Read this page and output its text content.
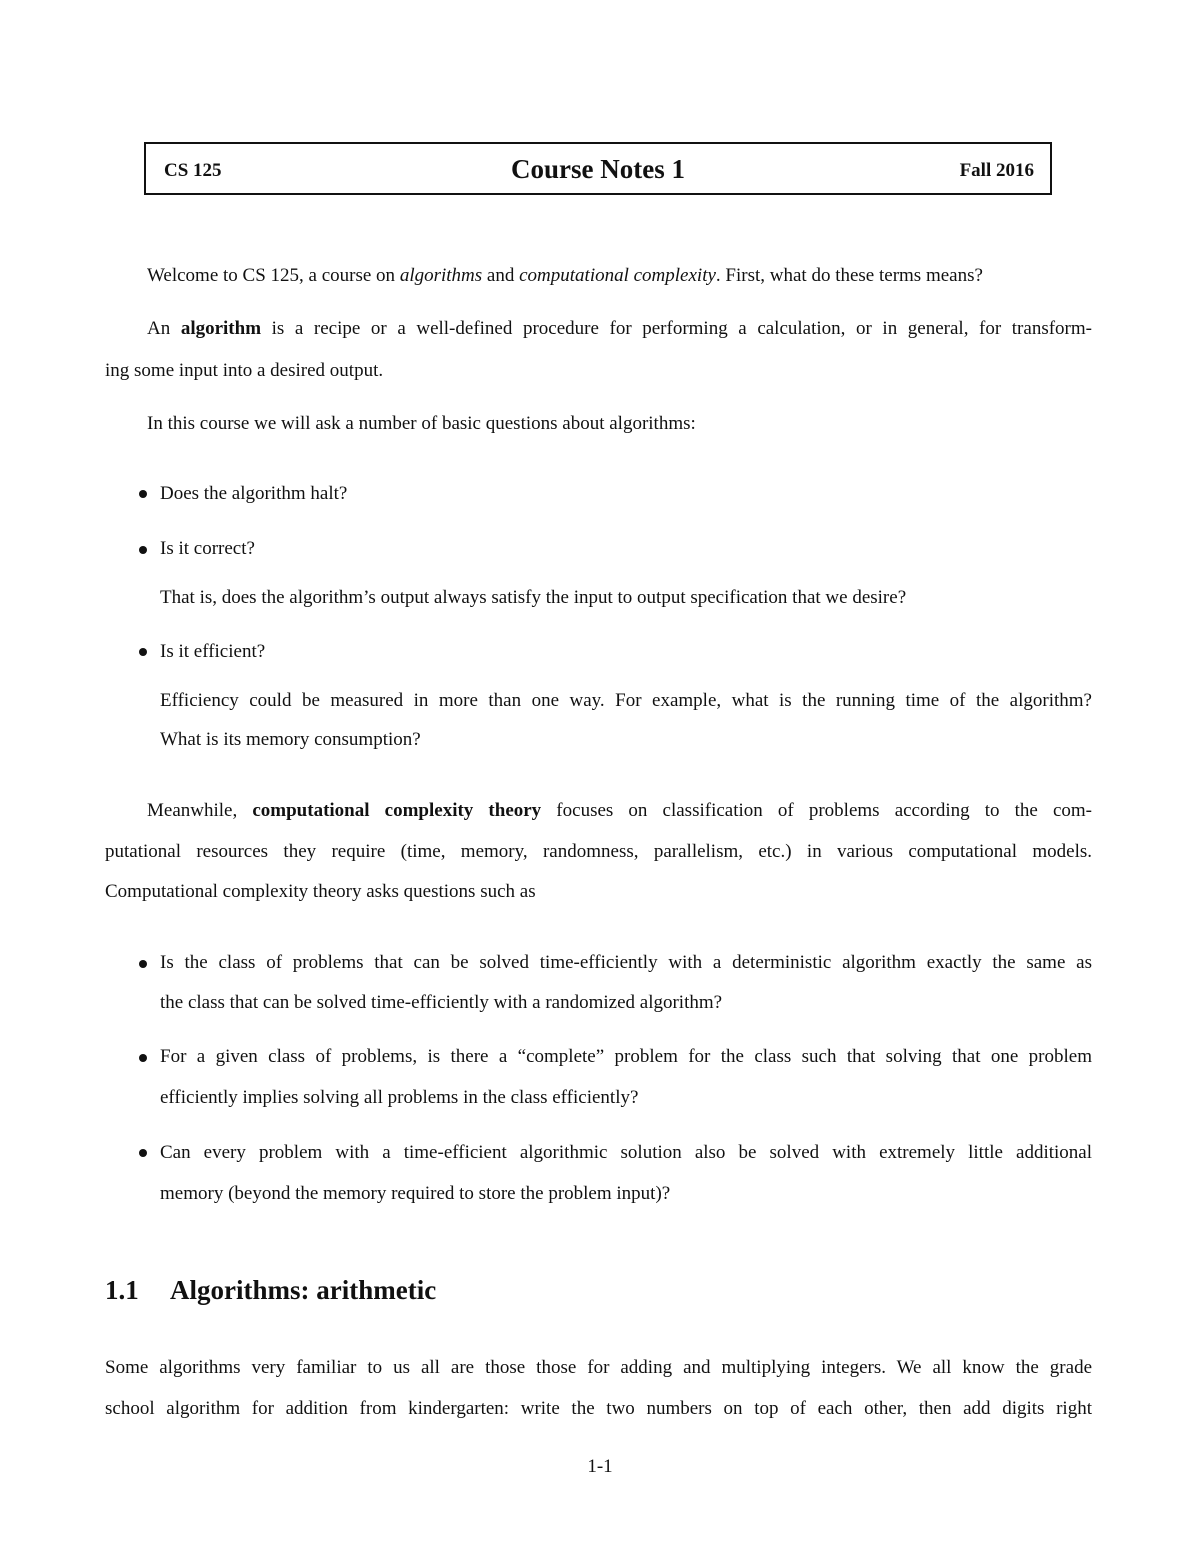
CS 125	Course Notes 1	Fall 2016
Welcome to CS 125, a course on algorithms and computational complexity. First, what do these terms means?
An algorithm is a recipe or a well-defined procedure for performing a calculation, or in general, for transform-
ing some input into a desired output.
In this course we will ask a number of basic questions about algorithms:
Does the algorithm halt?
Is it correct?
That is, does the algorithm’s output always satisfy the input to output specification that we desire?
Is it efficient?
Efficiency could be measured in more than one way. For example, what is the running time of the algorithm?
What is its memory consumption?
Meanwhile, computational complexity theory focuses on classification of problems according to the com-
putational resources they require (time, memory, randomness, parallelism, etc.) in various computational models.
Computational complexity theory asks questions such as
Is the class of problems that can be solved time-efficiently with a deterministic algorithm exactly the same as
the class that can be solved time-efficiently with a randomized algorithm?
For a given class of problems, is there a “complete” problem for the class such that solving that one problem
efficiently implies solving all problems in the class efficiently?
Can every problem with a time-efficient algorithmic solution also be solved with extremely little additional
memory (beyond the memory required to store the problem input)?
1.1 Algorithms: arithmetic
Some algorithms very familiar to us all are those those for adding and multiplying integers. We all know the grade
school algorithm for addition from kindergarten: write the two numbers on top of each other, then add digits right
1-1
